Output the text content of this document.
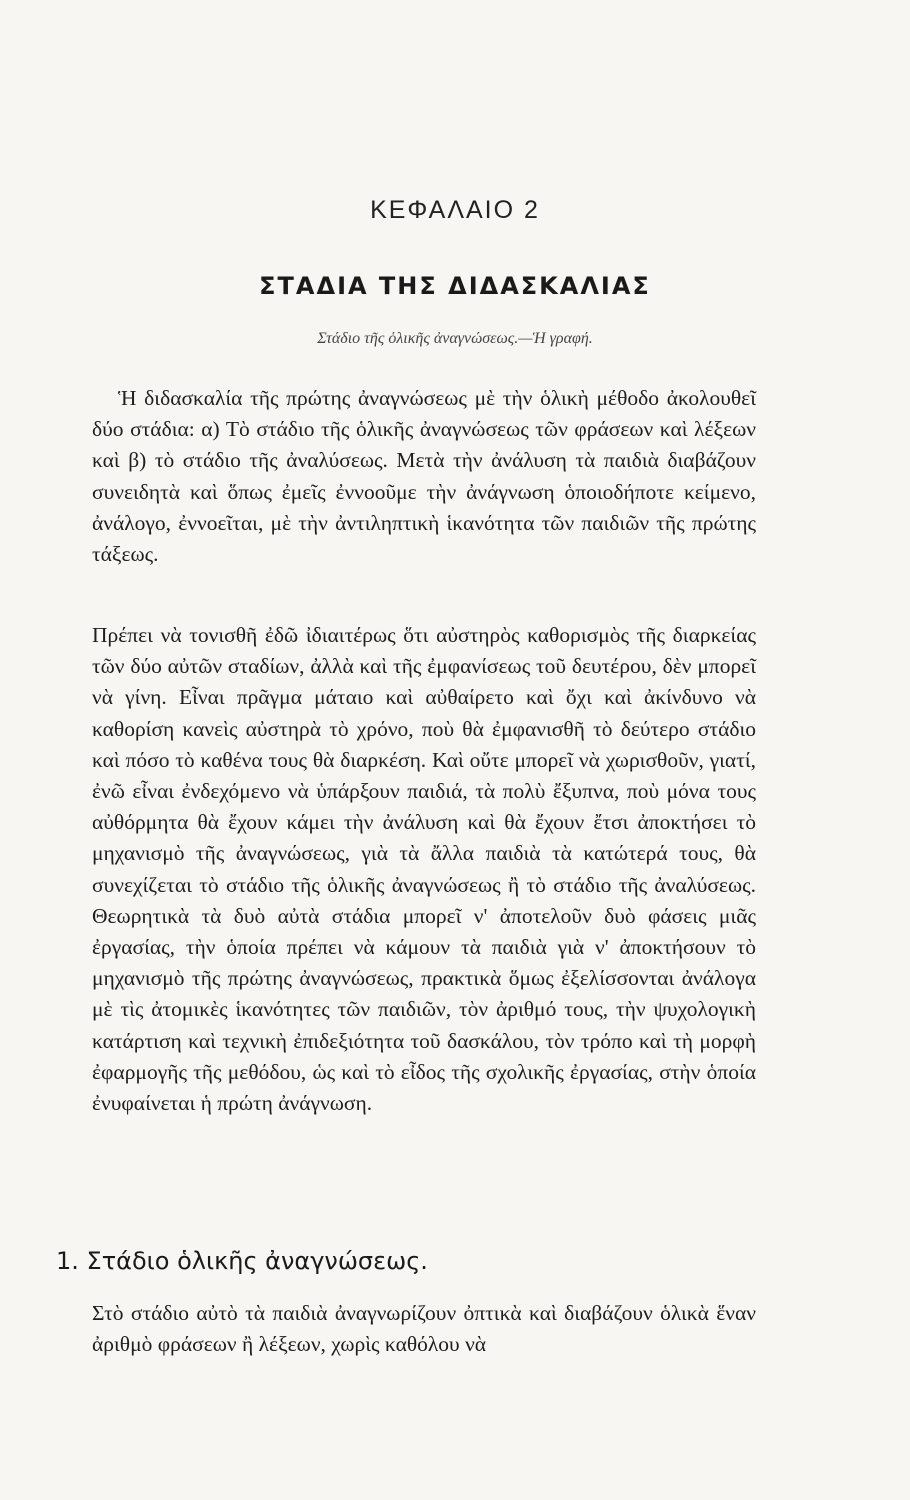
ΚΕΦΑΛΑΙΟ 2
ΣΤΑΔΙΑ ΤΗΣ ΔΙΔΑΣΚΑΛΙΑΣ

Στάδιο τῆς ὁλικῆς ἀναγνώσεως.—Ἡ γραφή.

Ἡ διδασκαλία τῆς πρώτης ἀναγνώσεως μὲ τὴν ὁλικὴ μέθοδο ἀκολουθεῖ δύο στάδια: α) Τὸ στάδιο τῆς ὁλικῆς ἀναγνώσεως τῶν φράσεων καὶ λέξεων καὶ β) τὸ στάδιο τῆς ἀναλύσεως. Μετὰ τὴν ἀνάλυση τὰ παιδιὰ διαβάζουν συνειδητὰ καὶ ὅπως ἐμεῖς ἐννοοῦμε τὴν ἀνάγνωση ὁποιοδήποτε κείμενο, ἀνάλογο, ἐννοεῖται, μὲ τὴν ἀντιληπτικὴ ἱκανότητα τῶν παιδιῶν τῆς πρώτης τάξεως.

Πρέπει νὰ τονισθῆ ἐδῶ ἰδιαιτέρως ὅτι αὐστηρὸς καθορισμὸς τῆς διαρκείας τῶν δύο αὐτῶν σταδίων, ἀλλὰ καὶ τῆς ἐμφανίσεως τοῦ δευτέρου, δὲν μπορεῖ νὰ γίνη. Εἶναι πρᾶγμα μάταιο καὶ αὐθαίρετο καὶ ὄχι καὶ ἀκίνδυνο νὰ καθορίση κανεὶς αὐστηρὰ τὸ χρόνο, ποὺ θὰ ἐμφανισθῆ τὸ δεύτερο στάδιο καὶ πόσο τὸ καθένα τους θὰ διαρκέση. Καὶ οὔτε μπορεῖ νὰ χωρισθοῦν, γιατί, ἐνῶ εἶναι ἐνδεχόμενο νὰ ὑπάρξουν παιδιά, τὰ πολὺ ἔξυπνα, ποὺ μόνα τους αὐθόρμητα θὰ ἔχουν κάμει τὴν ἀνάλυση καὶ θὰ ἔχουν ἔτσι ἀποκτήσει τὸ μηχανισμὸ τῆς ἀναγνώσεως, γιὰ τὰ ἄλλα παιδιὰ τὰ κατώτερά τους, θὰ συνεχίζεται τὸ στάδιο τῆς ὁλικῆς ἀναγνώσεως ἢ τὸ στάδιο τῆς ἀναλύσεως. Θεωρητικὰ τὰ δυὸ αὐτὰ στάδια μπορεῖ ν' ἀποτελοῦν δυὸ φάσεις μιᾶς ἐργασίας, τὴν ὁποία πρέπει νὰ κάμουν τὰ παιδιὰ γιὰ ν' ἀποκτήσουν τὸ μηχανισμὸ τῆς πρώτης ἀναγνώσεως, πρακτικὰ ὅμως ἐξελίσσονται ἀνάλογα μὲ τὶς ἀτομικὲς ἱκανότητες τῶν παιδιῶν, τὸν ἀριθμό τους, τὴν ψυχολογικὴ κατάρτιση καὶ τεχνικὴ ἐπιδεξιότητα τοῦ δασκάλου, τὸν τρόπο καὶ τὴ μορφὴ ἐφαρμογῆς τῆς μεθόδου, ὡς καὶ τὸ εἶδος τῆς σχολικῆς ἐργασίας, στὴν ὁποία ἐνυφαίνεται ἡ πρώτη ἀνάγνωση.

1. Στάδιο ὁλικῆς ἀναγνώσεως.

Στὸ στάδιο αὐτὸ τὰ παιδιὰ ἀναγνωρίζουν ὀπτικὰ καὶ διαβάζουν ὁλικὰ ἕναν ἀριθμὸ φράσεων ἢ λέξεων, χωρὶς καθόλου νὰ
